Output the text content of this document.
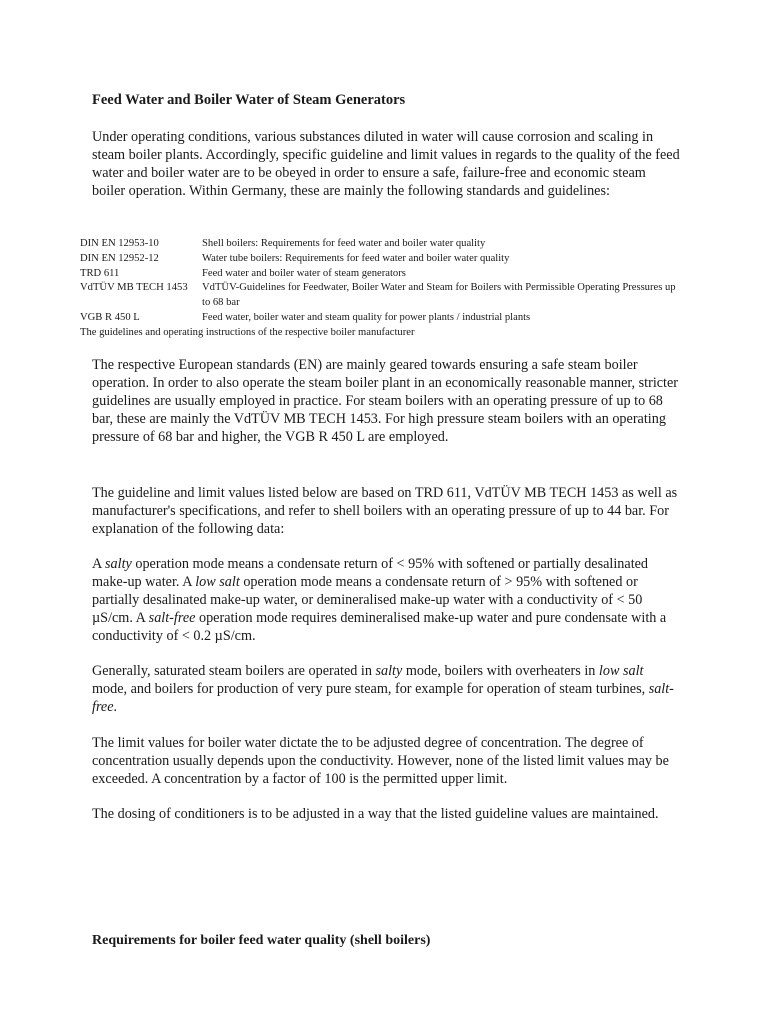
Feed Water and Boiler Water of Steam Generators

Under operating conditions, various substances diluted in water will cause corrosion and scaling in steam boiler plants. Accordingly, specific guideline and limit values in regards to the quality of the feed water and boiler water are to be obeyed in order to ensure a safe, failure-free and economic steam boiler operation. Within Germany, these are mainly the following standards and guidelines:

DIN EN 12953-10	Shell boilers: Requirements for feed water and boiler water quality
DIN EN 12952-12	Water tube boilers: Requirements for feed water and boiler water quality
TRD 611	Feed water and boiler water of steam generators
VdTÜV MB TECH 1453	VdTÜV-Guidelines for Feedwater, Boiler Water and Steam for Boilers with Permissible Operating Pressures up to 68 bar
VGB R 450 L	Feed water, boiler water and steam quality for power plants / industrial plants
The guidelines and operating instructions of the respective boiler manufacturer

The respective European standards (EN) are mainly geared towards ensuring a safe steam boiler operation. In order to also operate the steam boiler plant in an economically reasonable manner, stricter guidelines are usually employed in practice. For steam boilers with an operating pressure of up to 68 bar, these are mainly the VdTÜV MB TECH 1453. For high pressure steam boilers with an operating pressure of 68 bar and higher, the VGB R 450 L are employed.

The guideline and limit values listed below are based on TRD 611, VdTÜV MB TECH 1453 as well as manufacturer's specifications, and refer to shell boilers with an operating pressure of up to 44 bar. For explanation of the following data:

A salty operation mode means a condensate return of < 95% with softened or partially desalinated make-up water. A low salt operation mode means a condensate return of > 95% with softened or partially desalinated make-up water, or demineralised make-up water with a conductivity of < 50 µS/cm. A salt-free operation mode requires demineralised make-up water and pure condensate with a conductivity of < 0.2 µS/cm.

Generally, saturated steam boilers are operated in salty mode, boilers with overheaters in low salt mode, and boilers for production of very pure steam, for example for operation of steam turbines, salt-free.

The limit values for boiler water dictate the to be adjusted degree of concentration. The degree of concentration usually depends upon the conductivity. However, none of the listed limit values may be exceeded. A concentration by a factor of 100 is the permitted upper limit.

The dosing of conditioners is to be adjusted in a way that the listed guideline values are maintained.

Requirements for boiler feed water quality (shell boilers)
